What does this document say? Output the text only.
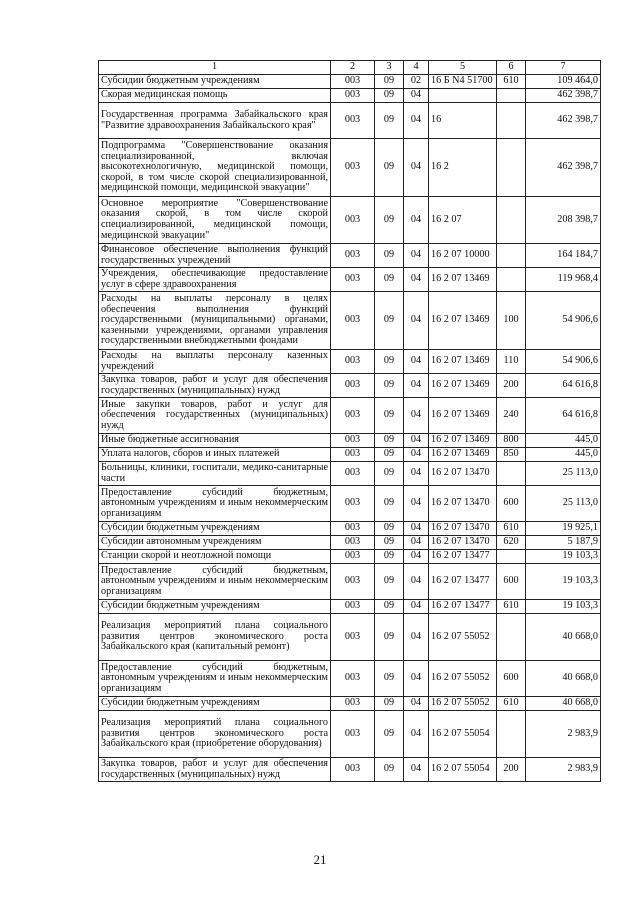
1	2	3	4	5	6	7
Субсидии бюджетным учреждениям	003	09	02	16 Б N4 51700	610	109 464,0
Скорая медицинская помощь	003	09	04			462 398,7
Государственная программа Забайкальского края "Развитие здравоохранения Забайкальского края"	003	09	04	16		462 398,7
Подпрограмма "Совершенствование оказания специализированной, включая высокотехнологичную, медицинской помощи, скорой, в том числе скорой специализированной, медицинской помощи, медицинской эвакуации"	003	09	04	16 2		462 398,7
Основное мероприятие "Совершенствование оказания скорой, в том числе скорой специализированной, медицинской помощи, медицинской эвакуации"	003	09	04	16 2 07		208 398,7
Финансовое обеспечение выполнения функций государственных учреждений	003	09	04	16 2 07 10000		164 184,7
Учреждения, обеспечивающие предоставление услуг в сфере здравоохранения	003	09	04	16 2 07 13469		119 968,4
Расходы на выплаты персоналу в целях обеспечения выполнения функций государственными (муниципальными) органами, казенными учреждениями, органами управления государственными внебюджетными фондами	003	09	04	16 2 07 13469	100	54 906,6
Расходы на выплаты персоналу казенных учреждений	003	09	04	16 2 07 13469	110	54 906,6
Закупка товаров, работ и услуг для обеспечения государственных (муниципальных) нужд	003	09	04	16 2 07 13469	200	64 616,8
Иные закупки товаров, работ и услуг для обеспечения государственных (муниципальных) нужд	003	09	04	16 2 07 13469	240	64 616,8
Иные бюджетные ассигнования	003	09	04	16 2 07 13469	800	445,0
Уплата налогов, сборов и иных платежей	003	09	04	16 2 07 13469	850	445,0
Больницы, клиники, госпитали, медико-санитарные части	003	09	04	16 2 07 13470		25 113,0
Предоставление субсидий бюджетным, автономным учреждениям и иным некоммерческим организациям	003	09	04	16 2 07 13470	600	25 113,0
Субсидии бюджетным учреждениям	003	09	04	16 2 07 13470	610	19 925,1
Субсидии автономным учреждениям	003	09	04	16 2 07 13470	620	5 187,9
Станции скорой и неотложной помощи	003	09	04	16 2 07 13477		19 103,3
Предоставление субсидий бюджетным, автономным учреждениям и иным некоммерческим организациям	003	09	04	16 2 07 13477	600	19 103,3
Субсидии бюджетным учреждениям	003	09	04	16 2 07 13477	610	19 103,3
Реализация мероприятий плана социального развития центров экономического роста Забайкальского края (капитальный ремонт)	003	09	04	16 2 07 55052		40 668,0
Предоставление субсидий бюджетным, автономным учреждениям и иным некоммерческим организациям	003	09	04	16 2 07 55052	600	40 668,0
Субсидии бюджетным учреждениям	003	09	04	16 2 07 55052	610	40 668,0
Реализация мероприятий плана социального развития центров экономического роста Забайкальского края (приобретение оборудования)	003	09	04	16 2 07 55054		2 983,9
Закупка товаров, работ и услуг для обеспечения государственных (муниципальных) нужд	003	09	04	16 2 07 55054	200	2 983,9
21
